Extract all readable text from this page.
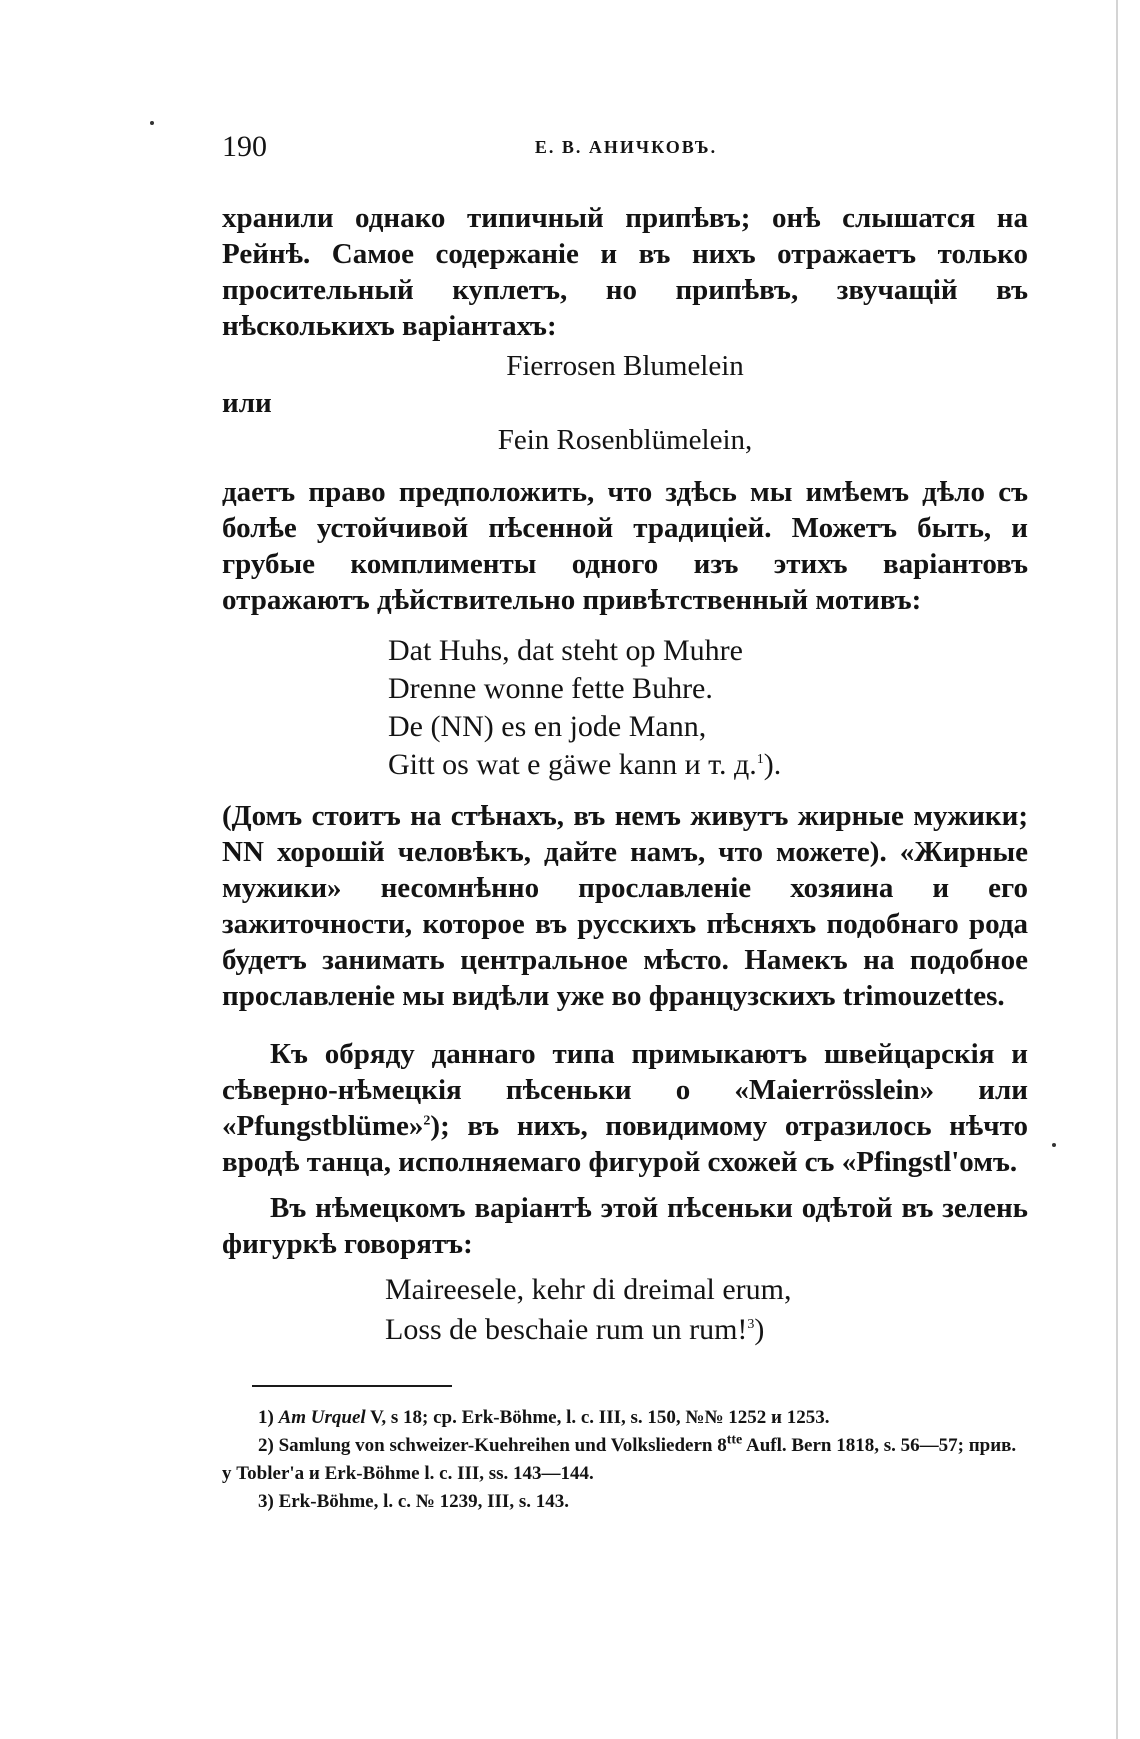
190	Е. В. АНИЧКОВЪ.

хранили однако типичный припѣвъ; онѣ слышатся на Рейнѣ. Самое содержаніе и въ нихъ отражаетъ только просительный куплетъ, но припѣвъ, звучащій въ нѣсколькихъ варіантахъ:

Fierrosen Blumelein

или

Fein Rosenblümelein,

даетъ право предположить, что здѣсь мы имѣемъ дѣло съ болѣе устойчивой пѣсенной традиціей. Можетъ быть, и грубые комплименты одного изъ этихъ варіантовъ отражаютъ дѣйствительно привѣтственный мотивъ:

Dat Huhs, dat steht op Muhre

Drenne wonne fette Buhre.

De (NN) es en jode Mann,

Gitt os wat e gäwe kann и т. д.$^1$).

(Домъ стоитъ на стѣнахъ, въ немъ живутъ жирные мужики; NN хорошій человѣкъ, дайте намъ, что можете). «Жирные мужики» несомнѣнно прославленіе хозяина и его зажиточности, которое въ русскихъ пѣсняхъ подобнаго рода будетъ занимать центральное мѣсто. Намекъ на подобное прославленіе мы видѣли уже во французскихъ trimouzettes.

Къ обряду даннаго типа примыкаютъ швейцарскія и сѣверно-нѣмецкія пѣсеньки о «Maierrössleіn» или «Pfungstblüme»$^2$); въ нихъ, повидимому отразилось нѣчто вродѣ танца, исполняемаго фигурой схожей съ «Pfingstl'омъ.

Въ нѣмецкомъ варіантѣ этой пѣсеньки одѣтой въ зелень фигуркѣ говорятъ:

Maireesele, kehr di dreimal erum,

Loss de beschaie rum un rum!$^3$)

1) Am Urquel V, s 18; ср. Erk-Böhme, l. c. III, s. 150, №№ 1252 и 1253.

2) Samlung von schweizer-Kuehreihen und Volksliedern $8^{tte}$ Aufl. Bern 1818, s. 56—57; прив. у Tobler'а и Erk-Böhme l. c. III, ss. 143—144.

3) Erk-Böhme, l. c. № 1239, III, s. 143.
